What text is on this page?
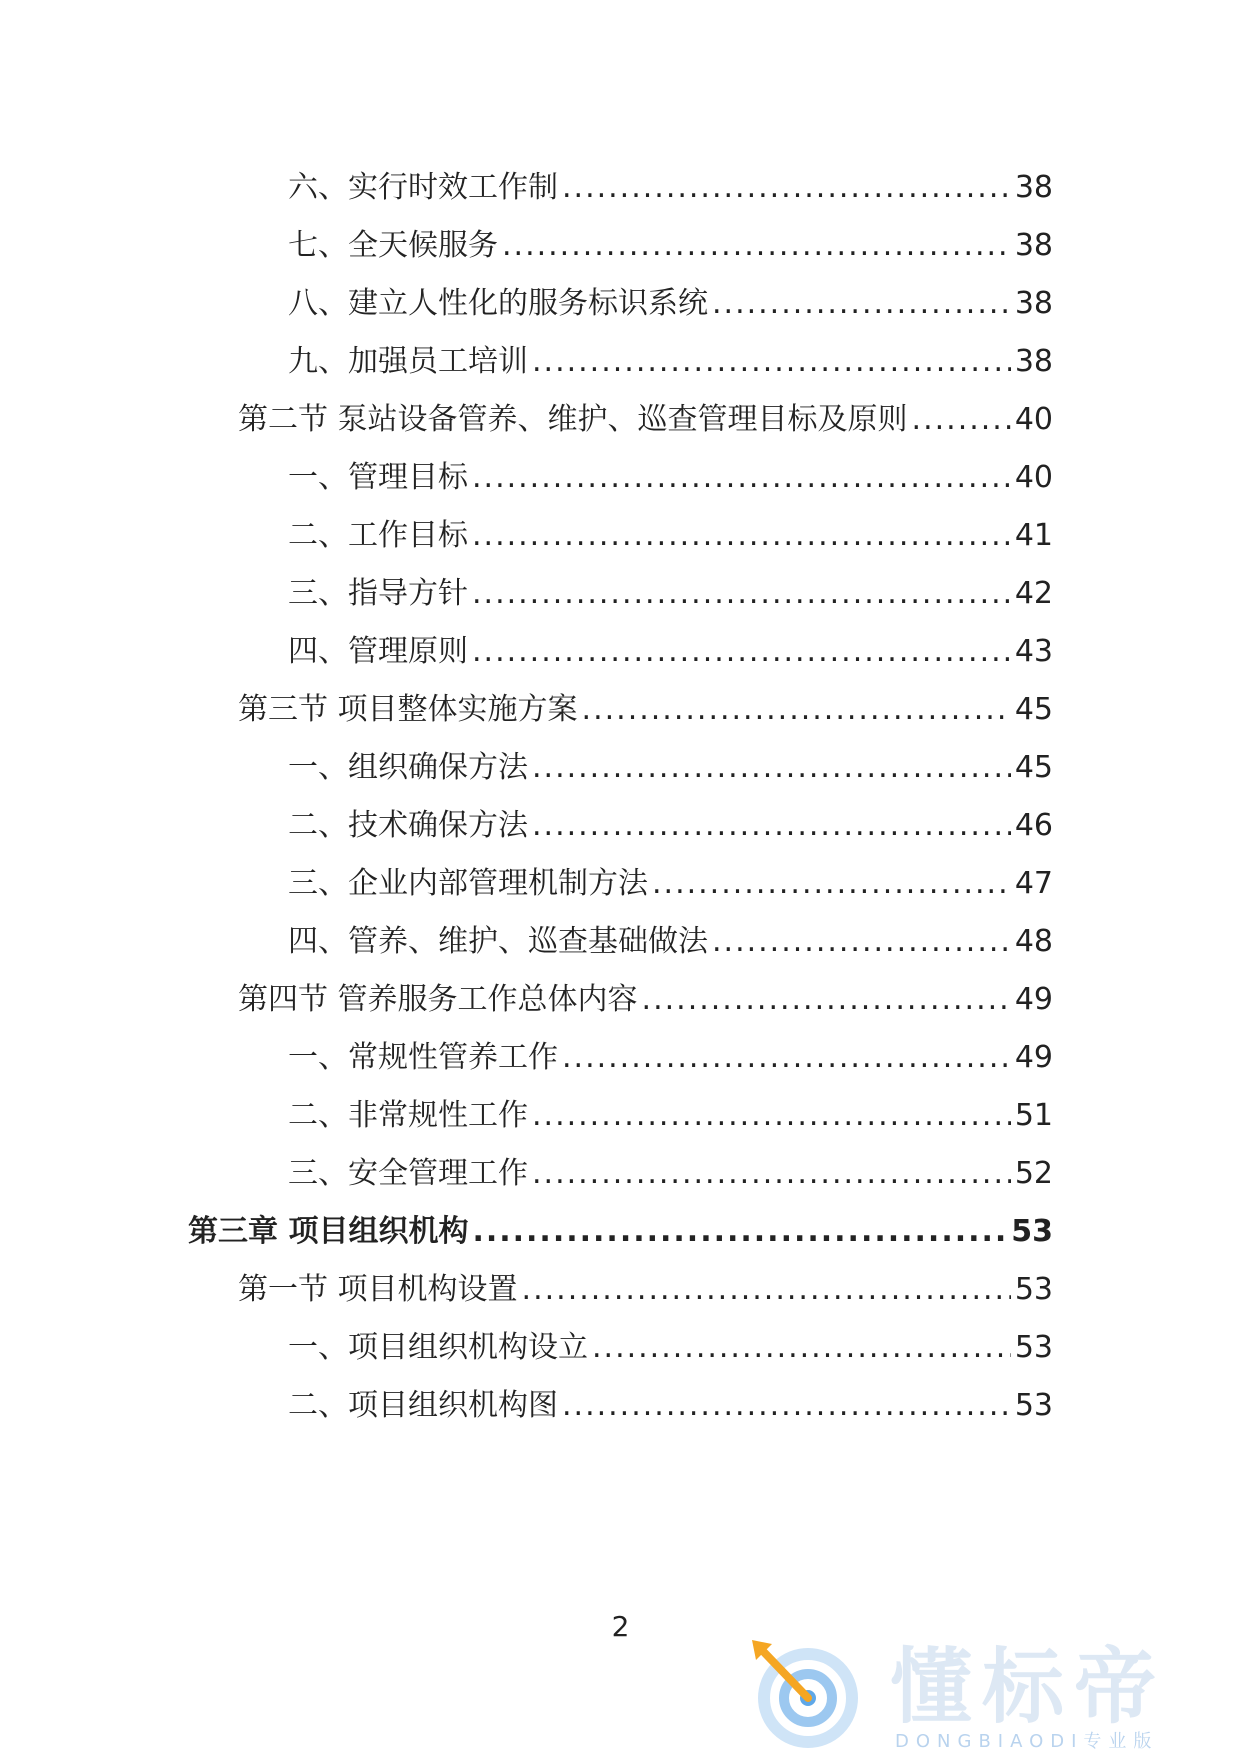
六、实行时效工作制 .....	38
七、全天候服务 .....	38
八、建立人性化的服务标识系统 .....	38
九、加强员工培训 .....	38
第二节 泵站设备管养、维护、巡查管理目标及原则 .....	40
一、管理目标 .....	40
二、工作目标 .....	41
三、指导方针 .....	42
四、管理原则 .....	43
第三节 项目整体实施方案 .....	45
一、组织确保方法 .....	45
二、技术确保方法 .....	46
三、企业内部管理机制方法 .....	47
四、管养、维护、巡查基础做法 .....	48
第四节 管养服务工作总体内容 .....	49
一、常规性管养工作 .....	49
二、非常规性工作 .....	51
三、安全管理工作 .....	52
第三章 项目组织机构 .....	53
第一节 项目机构设置 .....	53
一、项目组织机构设立 .....	53
二、项目组织机构图 .....	53
2
懂标帝
DONGBIAODI专业版
